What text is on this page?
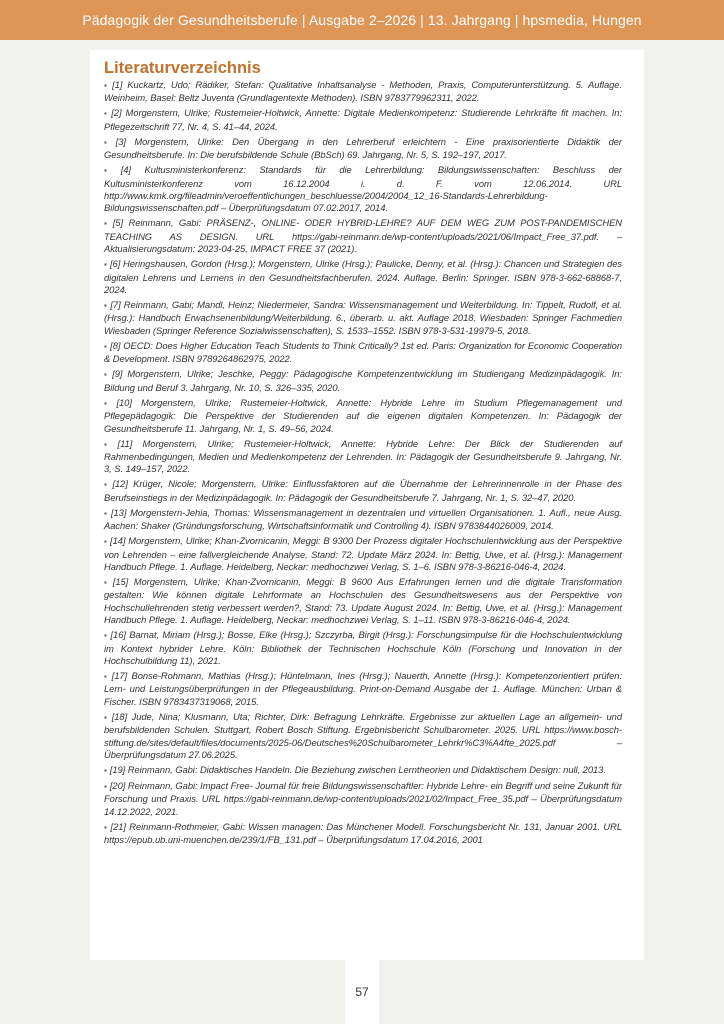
Pädagogik der Gesundheitsberufe | Ausgabe 2–2026 | 13. Jahrgang | hpsmedia, Hungen
Literaturverzeichnis
▪ [1] Kuckartz, Udo; Rädiker, Stefan: Qualitative Inhaltsanalyse - Methoden, Praxis, Computerunterstützung. 5. Auflage. Weinheim, Basel: Beltz Juventa (Grundlagentexte Methoden). ISBN 9783779962311, 2022.
▪ [2] Morgenstern, Ulrike; Rustemeier-Holtwick, Annette: Digitale Medienkompetenz: Studierende Lehrkräfte fit machen. In: Pflegezeitschrift 77, Nr. 4, S. 41–44, 2024.
▪ [3] Morgenstern, Ulrike: Den Übergang in den Lehrerberuf erleichtern - Eine praxisorientierte Didaktik der Gesundheitsberufe. In: Die berufsbildende Schule (BbSch) 69. Jahrgang, Nr. 5, S. 192–197, 2017.
▪ [4] Kultusministerkonferenz: Standards für die Lehrerbildung: Bildungswissenschaften: Beschluss der Kultusministerkonferenz vom 16.12.2004 i. d. F. vom 12.06.2014. URL http://www.kmk.org/fileadmin/veroeffentlichungen_beschluesse/2004/2004_12_16-Standards-Lehrerbildung-Bildungswissenschaften.pdf – Überprüfungsdatum 07.02.2017, 2014.
▪ [5] Reinmann, Gabi: PRÄSENZ-, ONLINE- ODER HYBRID-LEHRE? AUF DEM WEG ZUM POST-PANDEMISCHEN TEACHING AS DESIGN. URL https://gabi-reinmann.de/wp-content/uploads/2021/06/Impact_Free_37.pdf. – Aktualisierungsdatum: 2023-04-25, IMPACT FREE 37 (2021).
▪ [6] Heringshausen, Gordon (Hrsg.); Morgenstern, Ulrike (Hrsg.); Paulicke, Denny, et al. (Hrsg.): Chancen und Strategien des digitalen Lehrens und Lernens in den Gesundheitsfachberufen. 2024. Auflage. Berlin: Springer. ISBN 978-3-662-68868-7, 2024.
▪ [7] Reinmann, Gabi; Mandl, Heinz; Niedermeier, Sandra: Wissensmanagement und Weiterbildung. In: Tippelt, Rudolf, et al. (Hrsg.): Handbuch Erwachsenenbildung/Weiterbildung. 6., überarb. u. akt. Auflage 2018. Wiesbaden: Springer Fachmedien Wiesbaden (Springer Reference Sozialwissenschaften), S. 1533–1552. ISBN 978-3-531-19979-5, 2018.
▪ [8] OECD: Does Higher Education Teach Students to Think Critically? 1st ed. Paris: Organization for Economic Cooperation & Development. ISBN 9789264862975, 2022.
▪ [9] Morgenstern, Ulrike; Jeschke, Peggy: Pädagogische Kompetenzentwicklung im Studiengang Medizinpädagogik. In: Bildung und Beruf 3. Jahrgang, Nr. 10, S. 326–335, 2020.
▪ [10] Morgenstern, Ulrike; Rustemeier-Holtwick, Annette: Hybride Lehre im Studium Pflegemanagement und Pflegepädagogik: Die Perspektive der Studierenden auf die eigenen digitalen Kompetenzen. In: Pädagogik der Gesundheitsberufe 11. Jahrgang, Nr. 1, S. 49–56, 2024.
▪ [11] Morgenstern, Ulrike; Rustemeier-Holtwick, Annette: Hybride Lehre: Der Blick der Studierenden auf Rahmenbedingungen, Medien und Medienkompetenz der Lehrenden. In: Pädagogik der Gesundheitsberufe 9. Jahrgang, Nr. 3, S. 149–157, 2022.
▪ [12] Krüger, Nicole; Morgenstern, Ulrike: Einflussfaktoren auf die Übernahme der Lehrerinnenrolle in der Phase des Berufseinstiegs in der Medizinpädagogik. In: Pädagogik der Gesundheitsberufe 7. Jahrgang, Nr. 1, S. 32–47, 2020.
▪ [13] Morgenstern-Jehia, Thomas: Wissensmanagement in dezentralen und virtuellen Organisationen. 1. Aufl., neue Ausg. Aachen: Shaker (Gründungsforschung, Wirtschaftsinformatik und Controlling 4). ISBN 9783844026009, 2014.
▪ [14] Morgenstern, Ulrike; Khan-Zvornicanin, Meggi: B 9300 Der Prozess digitaler Hochschulentwicklung aus der Perspektive von Lehrenden – eine fallvergleichende Analyse, Stand: 72. Update März 2024. In: Bettig, Uwe, et al. (Hrsg.): Management Handbuch Pflege. 1. Auflage. Heidelberg, Neckar: medhochzwei Verlag, S. 1–6. ISBN 978-3-86216-046-4, 2024.
▪ [15] Morgenstern, Ulrike; Khan-Zvornicanin, Meggi: B 9600 Aus Erfahrungen lernen und die digitale Transformation gestalten: Wie können digitale Lehrformate an Hochschulen des Gesundheitswesens aus der Perspektive von Hochschullehrenden stetig verbessert werden?, Stand: 73. Update August 2024. In: Bettig, Uwe, et al. (Hrsg.): Management Handbuch Pflege. 1. Auflage. Heidelberg, Neckar: medhochzwei Verlag, S. 1–11. ISBN 978-3-86216-046-4, 2024.
▪ [16] Barnat, Miriam (Hrsg.); Bosse, Elke (Hrsg.); Szczyrba, Birgit (Hrsg.): Forschungsimpulse für die Hochschulentwicklung im Kontext hybrider Lehre. Köln: Bibliothek der Technischen Hochschule Köln (Forschung und Innovation in der Hochschulbildung 11), 2021.
▪ [17] Bonse-Rohmann, Mathias (Hrsg.); Hüntelmann, Ines (Hrsg.); Nauerth, Annette (Hrsg.): Kompetenzorientiert prüfen: Lern- und Leistungsüberprüfungen in der Pflegeausbildung. Print-on-Demand Ausgabe der 1. Auflage. München: Urban & Fischer. ISBN 9783437319068, 2015.
▪ [18] Jude, Nina; Klusmann, Uta; Richter, Dirk: Befragung Lehrkräfte. Ergebnisse zur aktuellen Lage an allgemein- und berufsbildenden Schulen. Stuttgart, Robert Bosch Stiftung. Ergebnisbericht Schulbarometer. 2025. URL https://www.bosch-stiftung.de/sites/default/files/documents/2025-06/Deutsches%20Schulbarometer_Lehrkr%C3%A4fte_2025.pdf – Überprüfungsdatum 27.06.2025.
▪ [19] Reinmann, Gabi: Didaktisches Handeln. Die Beziehung zwischen Lerntheorien und Didaktischem Design: null, 2013.
▪ [20] Reinmann, Gabi: Impact Free- Journal für freie Bildungswissenschaftler: Hybride Lehre- ein Begriff und seine Zukunft für Forschung und Praxis. URL https://gabi-reinmann.de/wp-content/uploads/2021/02/Impact_Free_35.pdf – Überprüfungsdatum 14.12.2022, 2021.
▪ [21] Reinmann-Rothmeier, Gabi: Wissen managen: Das Münchener Modell. Forschungsbericht Nr. 131, Januar 2001. URL https://epub.ub.uni-muenchen.de/239/1/FB_131.pdf – Überprüfungsdatum 17.04.2016, 2001
57
